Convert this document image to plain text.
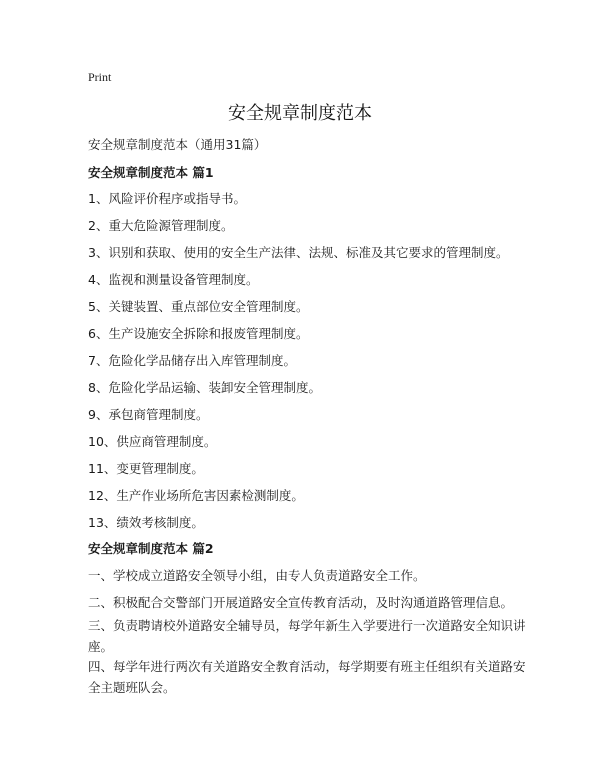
Print
安全规章制度范本
安全规章制度范本（通用31篇）
安全规章制度范本 篇1

1、风险评价程序或指导书。

2、重大危险源管理制度。

3、识别和获取、使用的安全生产法律、法规、标准及其它要求的管理制度。

4、监视和测量设备管理制度。

5、关键装置、重点部位安全管理制度。

6、生产设施安全拆除和报废管理制度。

7、危险化学品储存出入库管理制度。

8、危险化学品运输、装卸安全管理制度。

9、承包商管理制度。

10、供应商管理制度。

11、变更管理制度。

12、生产作业场所危害因素检测制度。

13、绩效考核制度。

安全规章制度范本 篇2

一、学校成立道路安全领导小组，由专人负责道路安全工作。

二、积极配合交警部门开展道路安全宣传教育活动，及时沟通道路管理信息。

三、负责聘请校外道路安全辅导员，每学年新生入学要进行一次道路安全知识讲座。

四、每学年进行两次有关道路安全教育活动，每学期要有班主任组织有关道路安全主题班队会。
